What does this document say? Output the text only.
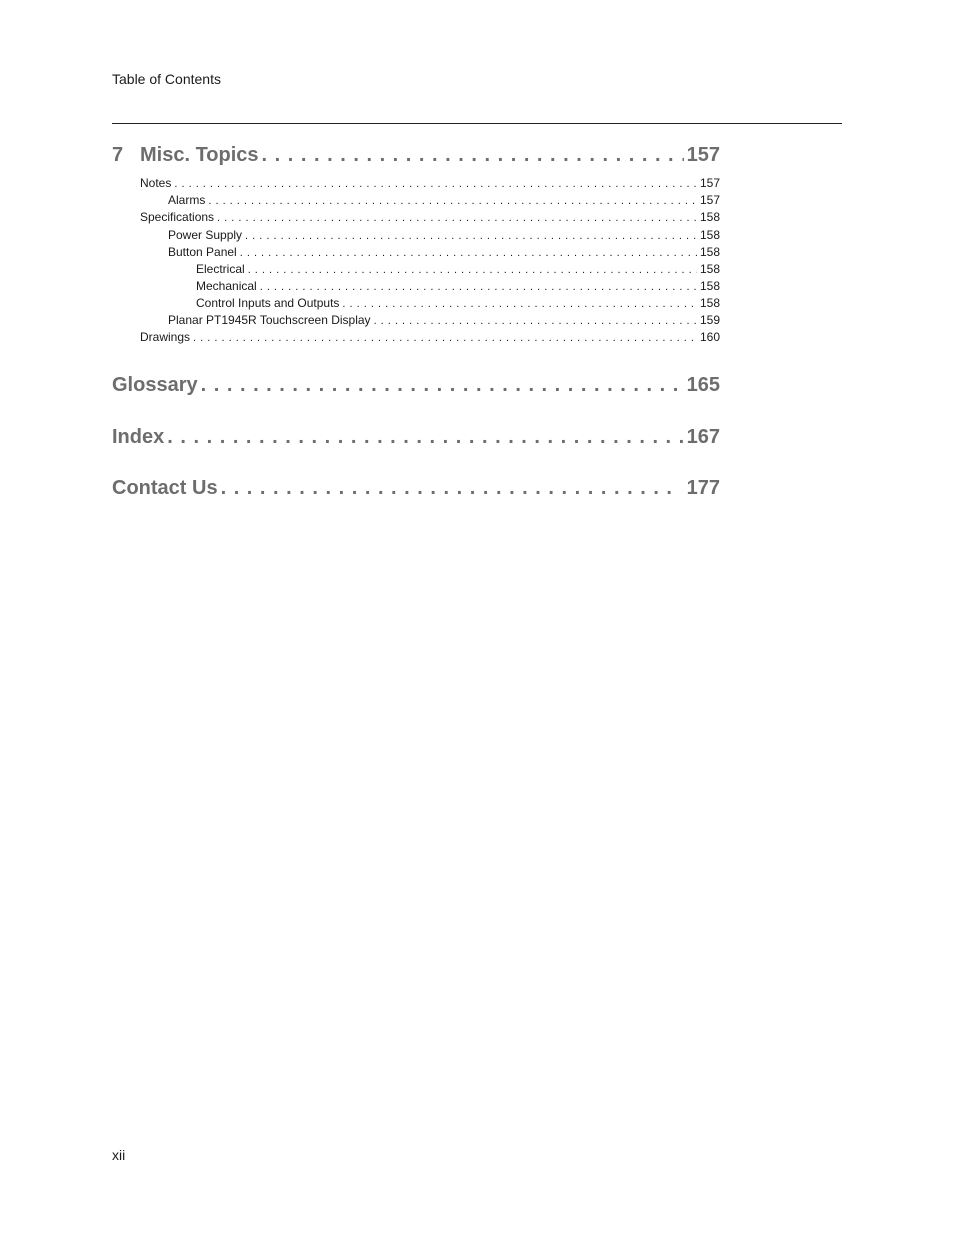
Table of Contents
7 Misc. Topics . . .	157
Notes . . .	157
Alarms . . .	157
Specifications . . .	158
Power Supply . . .	158
Button Panel . . .	158
Electrical . . .	158
Mechanical . . .	158
Control Inputs and Outputs . . .	158
Planar PT1945R Touchscreen Display . . .	159
Drawings . . .	160
Glossary . . .	165
Index . . .	167
Contact Us . . .	177
xii
